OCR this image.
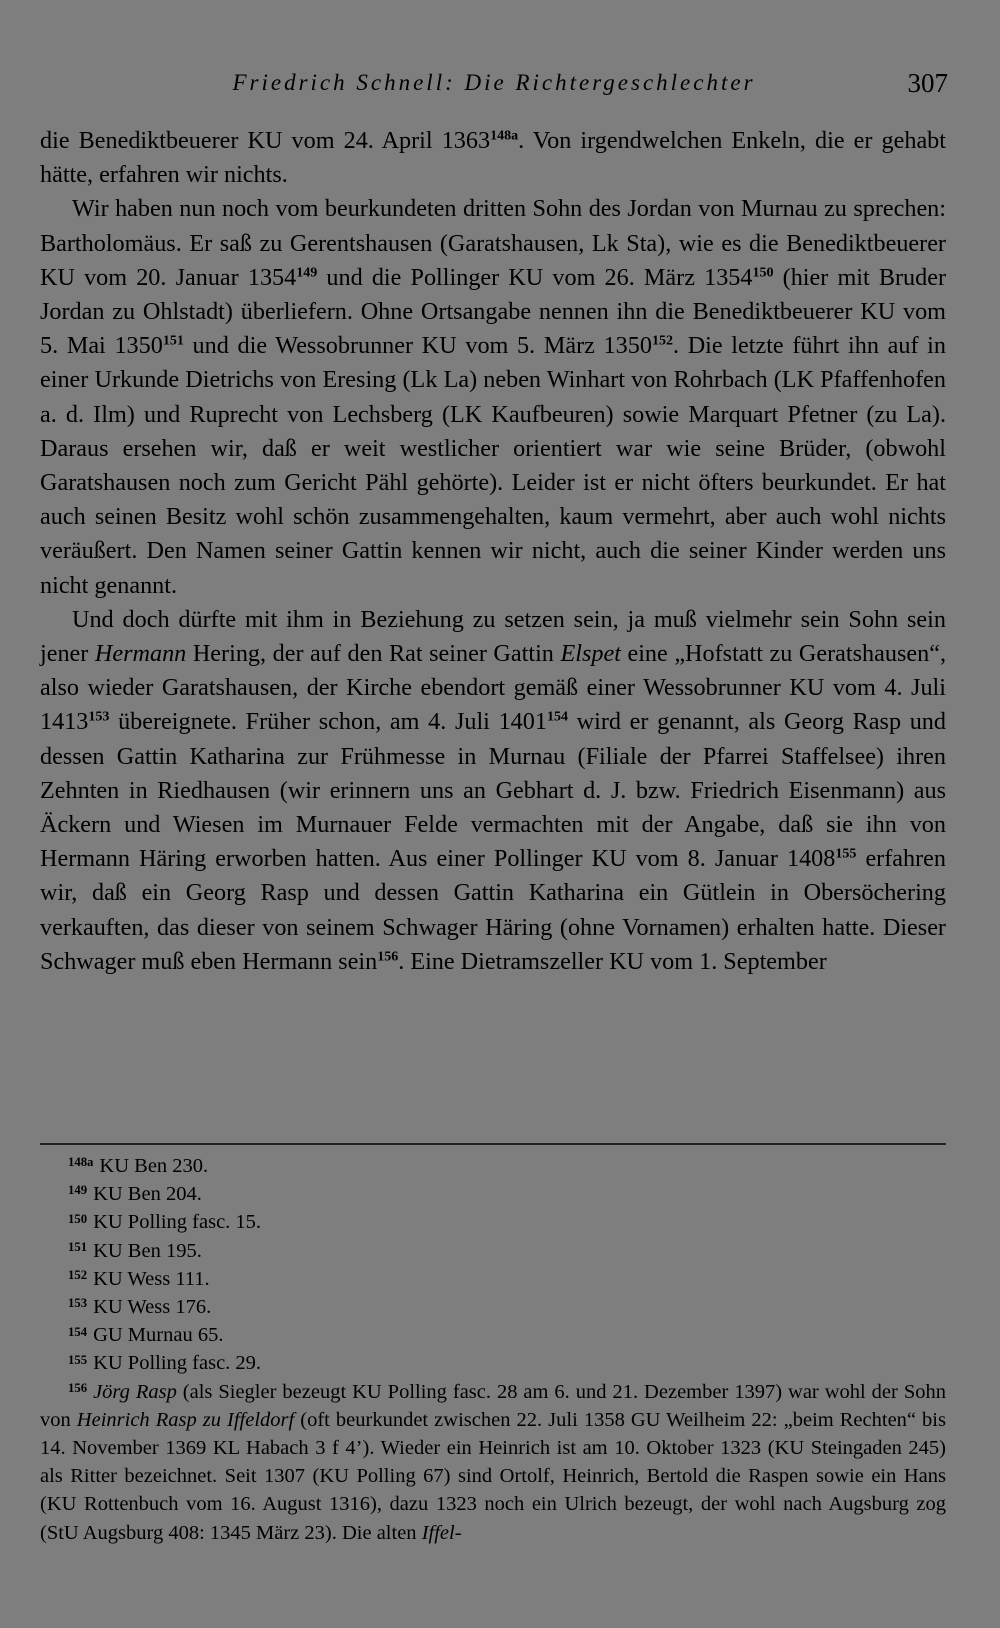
Friedrich Schnell: Die Richtergeschlechter	307

die Benediktbeuerer KU vom 24. April $1363^{148a}$. Von irgendwelchen Enkeln, die er gehabt hätte, erfahren wir nichts.

Wir haben nun noch vom beurkundeten dritten Sohn des Jordan von Murnau zu sprechen: Bartholomäus. Er saß zu Gerentshausen (Garatshausen, Lk Sta), wie es die Benediktbeuerer KU vom 20. Januar 1354$^{149}$ und die Pollinger KU vom 26. März 1354$^{150}$ (hier mit Bruder Jordan zu Ohlstadt) überliefern. Ohne Ortsangabe nennen ihn die Benediktbeuerer KU vom 5. Mai 1350$^{151}$ und die Wessobrunner KU vom 5. März 1350$^{152}$. Die letzte führt ihn auf in einer Urkunde Dietrichs von Eresing (Lk La) neben Winhart von Rohrbach (LK Pfaffenhofen a. d. Ilm) und Ruprecht von Lechsberg (LK Kaufbeuren) sowie Marquart Pfetner (zu La). Daraus ersehen wir, daß er weit westlicher orientiert war wie seine Brüder, (obwohl Garatshausen noch zum Gericht Pähl gehörte). Leider ist er nicht öfters beurkundet. Er hat auch seinen Besitz wohl schön zusammengehalten, kaum vermehrt, aber auch wohl nichts veräußert. Den Namen seiner Gattin kennen wir nicht, auch die seiner Kinder werden uns nicht genannt.

Und doch dürfte mit ihm in Beziehung zu setzen sein, ja muß vielmehr sein Sohn sein jener Hermann Hering, der auf den Rat seiner Gattin Elspet eine „Hofstatt zu Geratshausen“, also wieder Garatshausen, der Kirche ebendort gemäß einer Wessobrunner KU vom 4. Juli 1413$^{153}$ übereignete. Früher schon, am 4. Juli 1401$^{154}$ wird er genannt, als Georg Rasp und dessen Gattin Katharina zur Frühmesse in Murnau (Filiale der Pfarrei Staffelsee) ihren Zehnten in Riedhausen (wir erinnern uns an Gebhart d. J. bzw. Friedrich Eisenmann) aus Äckern und Wiesen im Murnauer Felde vermachten mit der Angabe, daß sie ihn von Hermann Häring erworben hatten. Aus einer Pollinger KU vom 8. Januar 1408$^{155}$ erfahren wir, daß ein Georg Rasp und dessen Gattin Katharina ein Gütlein in Obersöchering verkauften, das dieser von seinem Schwager Häring (ohne Vornamen) erhalten hatte. Dieser Schwager muß eben Hermann sein$^{156}$. Eine Dietramszeller KU vom 1. September

$^{148a}$ KU Ben 230.

$^{149}$ KU Ben 204.

$^{150}$ KU Polling fasc. 15.

$^{151}$ KU Ben 195.

$^{152}$ KU Wess 111.

$^{153}$ KU Wess 176.

$^{154}$ GU Murnau 65.

$^{155}$ KU Polling fasc. 29.

$^{156}$ Jörg Rasp (als Siegler bezeugt KU Polling fasc. 28 am 6. und 21. Dezember 1397) war wohl der Sohn von Heinrich Rasp zu Iffeldorf (oft beurkundet zwischen 22. Juli 1358 GU Weilheim 22: „beim Rechten“ bis 14. November 1369 KL Habach 3 f 4’). Wieder ein Heinrich ist am 10. Oktober 1323 (KU Steingaden 245) als Ritter bezeichnet. Seit 1307 (KU Polling 67) sind Ortolf, Heinrich, Bertold die Raspen sowie ein Hans (KU Rottenbuch vom 16. August 1316), dazu 1323 noch ein Ulrich bezeugt, der wohl nach Augsburg zog (StU Augsburg 408: 1345 März 23). Die alten Iffel-
